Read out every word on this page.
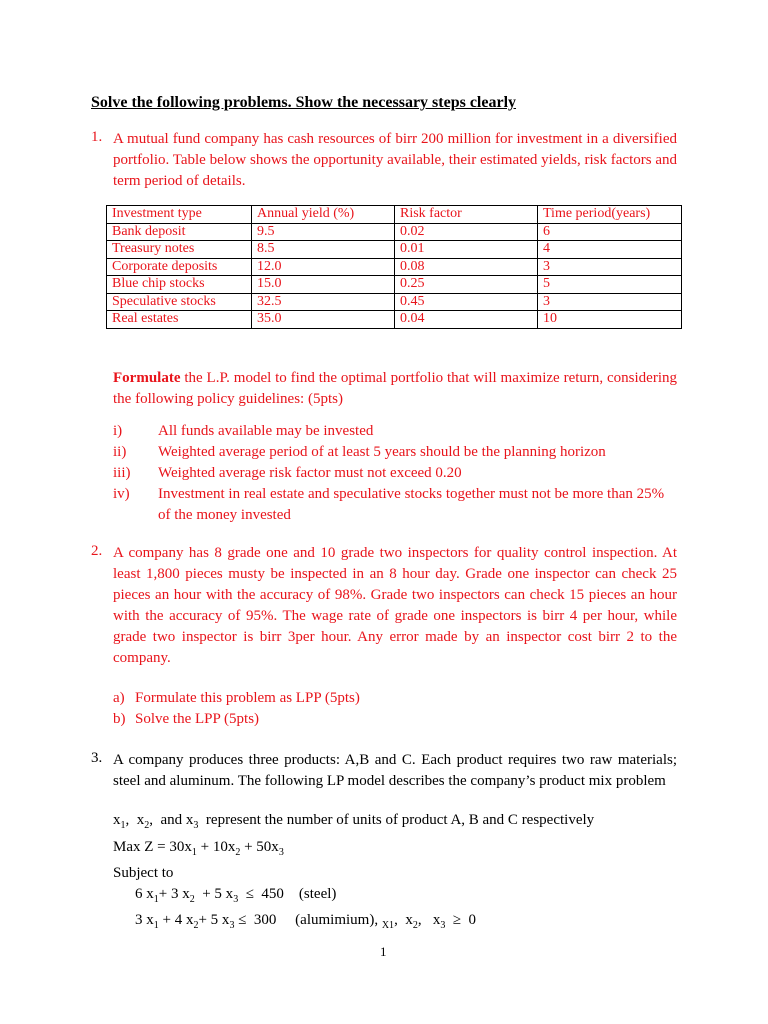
Solve the following problems. Show the necessary steps clearly
1. A mutual fund company has cash resources of birr 200 million for investment in a diversified portfolio. Table below shows the opportunity available, their estimated yields, risk factors and term period of details.

Investment type	Annual yield (%)	Risk factor	Time period(years)
Bank deposit	9.5	0.02	6
Treasury notes	8.5	0.01	4
Corporate deposits	12.0	0.08	3
Blue chip stocks	15.0	0.25	5
Speculative stocks	32.5	0.45	3
Real estates	35.0	0.04	10

Formulate the L.P. model to find the optimal portfolio that will maximize return, considering the following policy guidelines: (5pts)

i)	All funds available may be invested
ii)	Weighted average period of at least 5 years should be the planning horizon
iii)	Weighted average risk factor must not exceed 0.20
iv)	Investment in real estate and speculative stocks together must not be more than 25% of the money invested
2. A company has 8 grade one and 10 grade two inspectors for quality control inspection. At least 1,800 pieces musty be inspected in an 8 hour day. Grade one inspector can check 25 pieces an hour with the accuracy of 98%. Grade two inspectors can check 15 pieces an hour with the accuracy of 95%. The wage rate of grade one inspectors is birr 4 per hour, while grade two inspector is birr 3per hour. Any error made by an inspector cost birr 2 to the company.

a) Formulate this problem as LPP (5pts)
b) Solve the LPP (5pts)
3. A company produces three products: A,B and C. Each product requires two raw materials; steel and aluminum. The following LP model describes the company’s product mix problem

$x_1$,  $x_2$,  and $x_3$ represent the number of units of product A, B and C respectively
Max $Z = 30x_1 + 10x_2 + 50x_3$
Subject to
6 $x_1+ 3$ $x_2 + 5$ $x_3 \le 450$    (steel)
3 $x_1 + 4$ $x_2+ 5$ $x_3 \le 300$ (alumimium), $_{X1}$,  $x_2$,   $x_3 \ge 0$
1
